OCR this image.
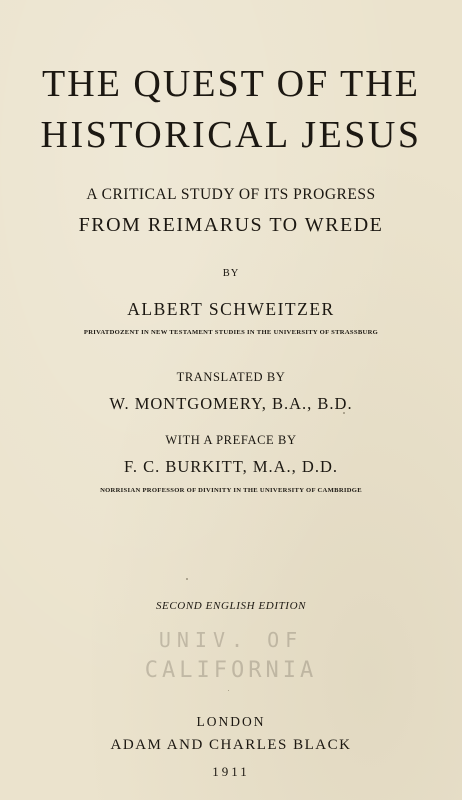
THE QUEST OF THE
HISTORICAL JESUS
A CRITICAL STUDY OF ITS PROGRESS
FROM REIMARUS TO WREDE
BY
ALBERT SCHWEITZER
PRIVATDOZENT IN NEW TESTAMENT STUDIES IN THE UNIVERSITY OF STRASSBURG
TRANSLATED BY
W. MONTGOMERY, B.A., B.D.
WITH A PREFACE BY
F. C. BURKITT, M.A., D.D.
NORRISIAN PROFESSOR OF DIVINITY IN THE UNIVERSITY OF CAMBRIDGE
SECOND ENGLISH EDITION
UNIV. OF
CALIFORNIA
LONDON
ADAM AND CHARLES BLACK
1911
